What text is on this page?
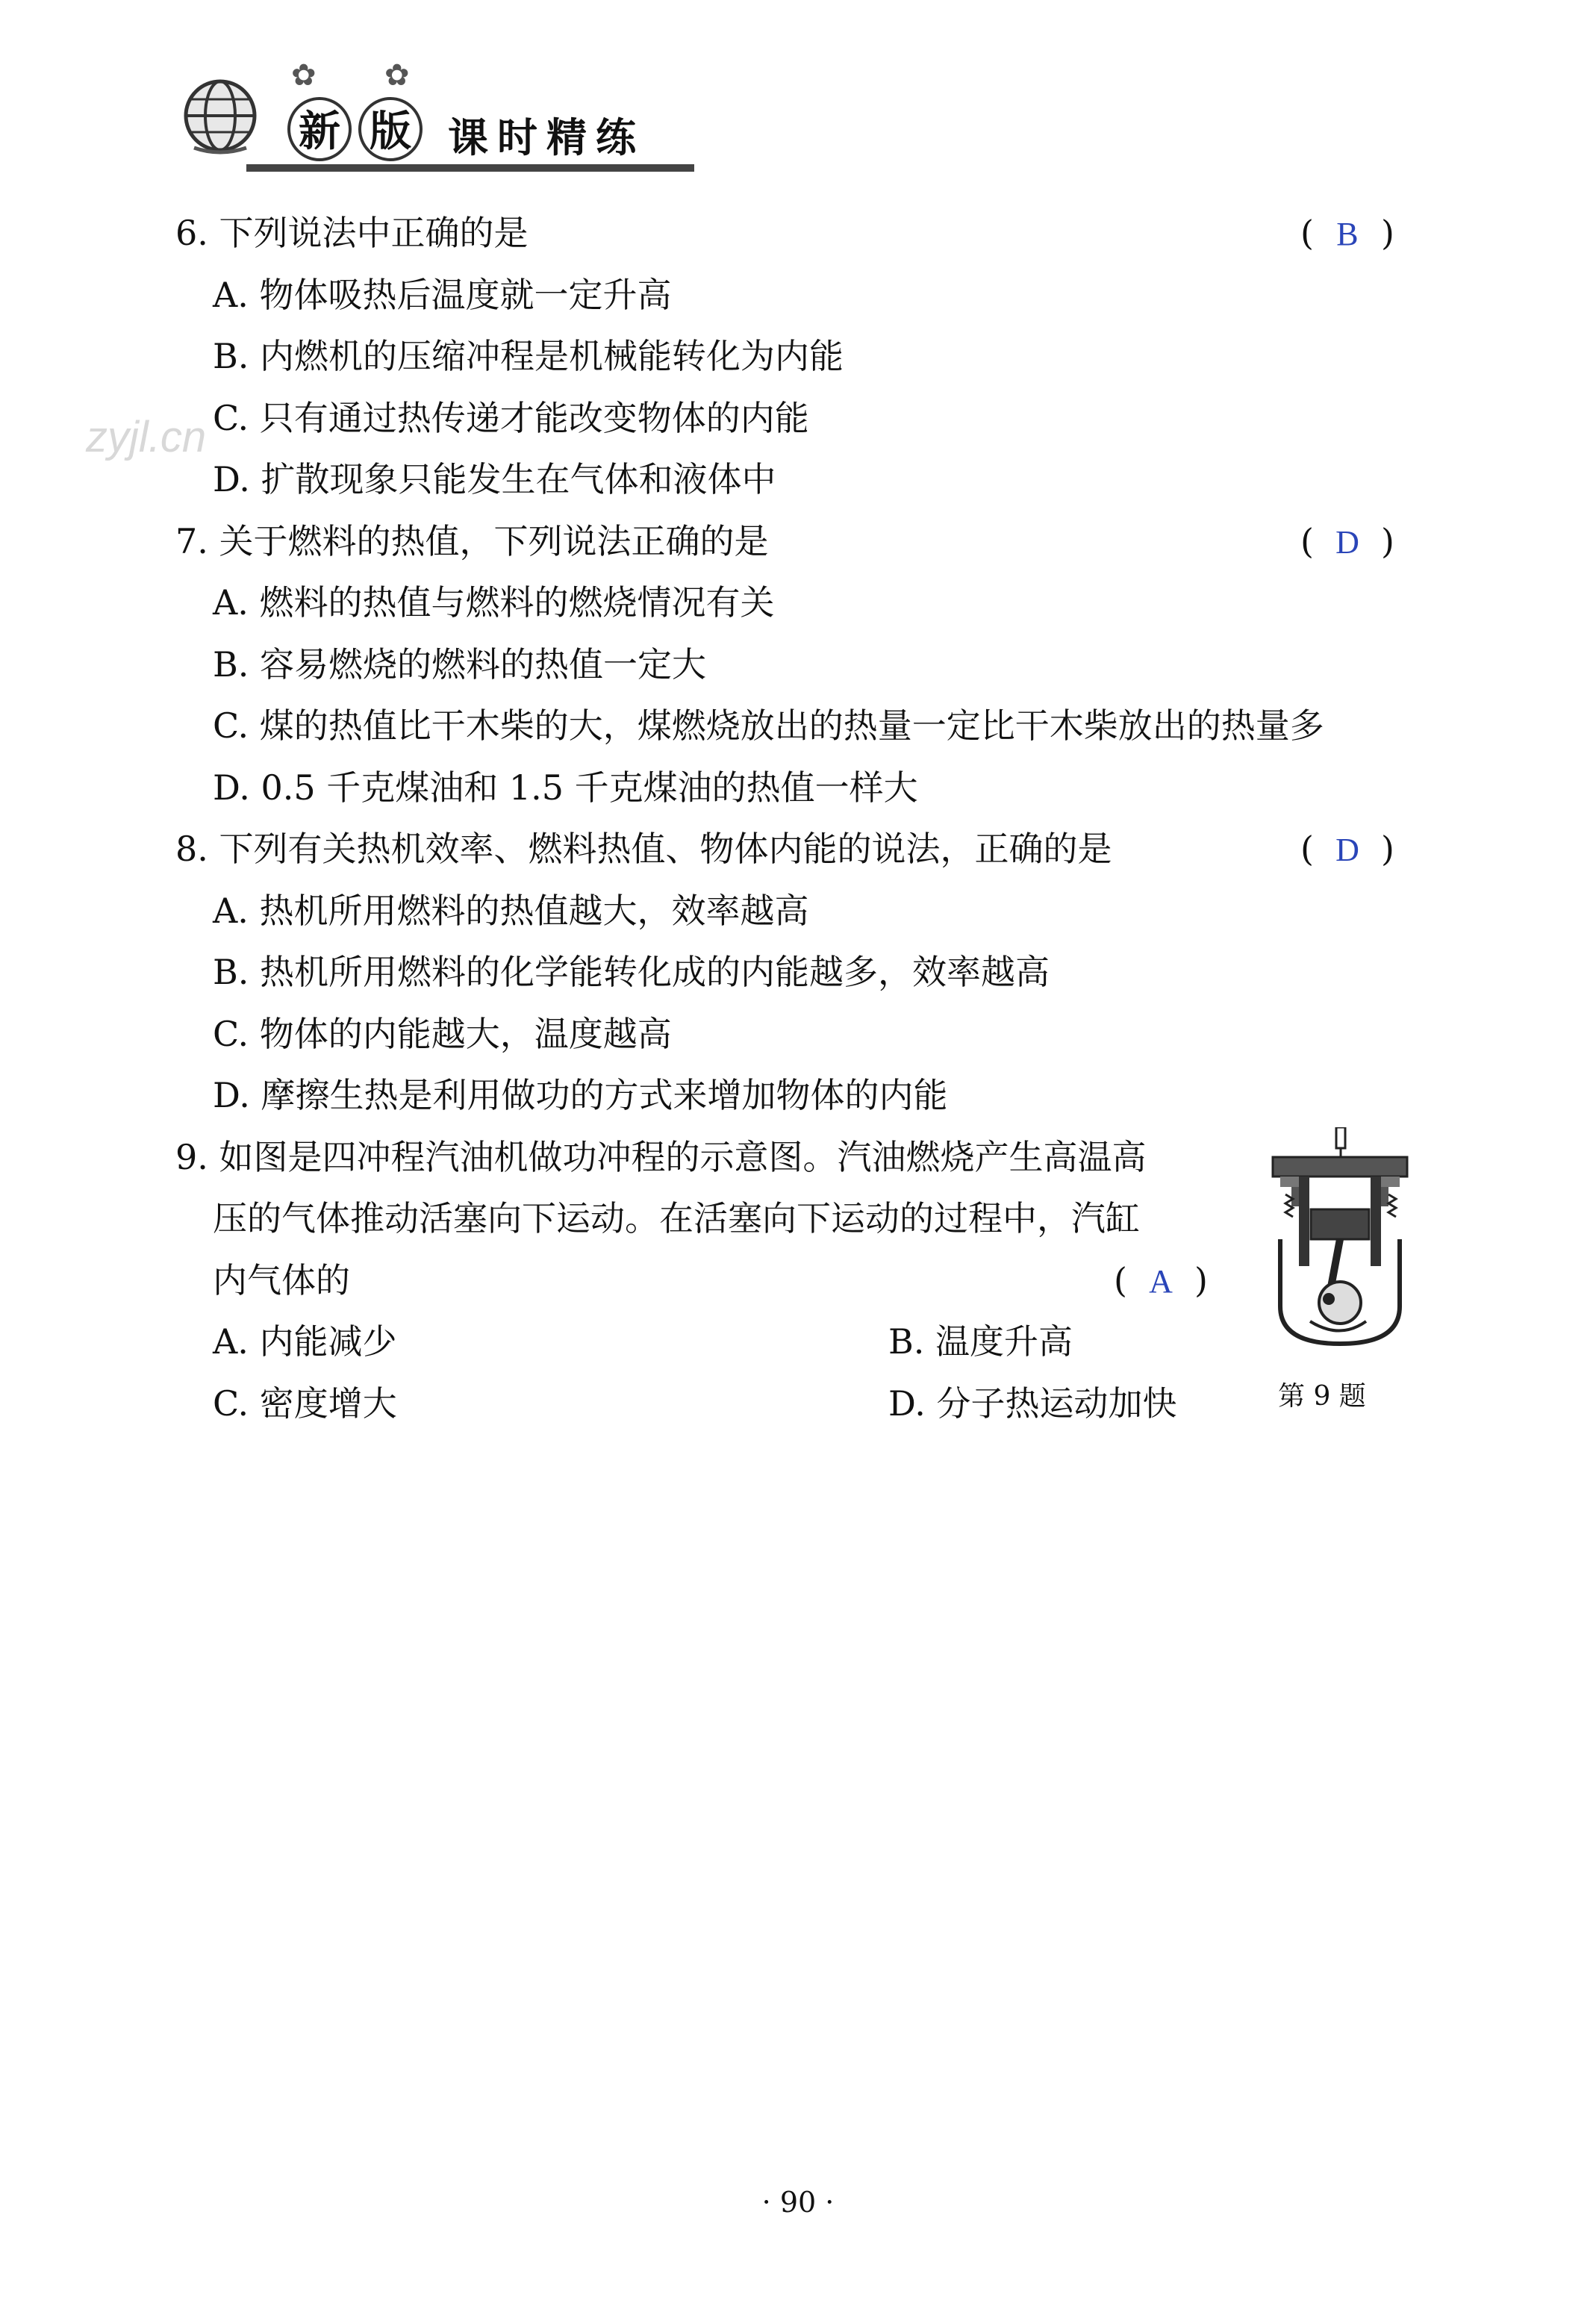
✿ ✿
新 版 课时精练
zyjl.cn
6. 下列说法中正确的是	( B )
A. 物体吸热后温度就一定升高
B. 内燃机的压缩冲程是机械能转化为内能
C. 只有通过热传递才能改变物体的内能
D. 扩散现象只能发生在气体和液体中
7. 关于燃料的热值，下列说法正确的是	( D )
A. 燃料的热值与燃料的燃烧情况有关
B. 容易燃烧的燃料的热值一定大
C. 煤的热值比干木柴的大，煤燃烧放出的热量一定比干木柴放出的热量多
D. 0.5 千克煤油和 1.5 千克煤油的热值一样大
8. 下列有关热机效率、燃料热值、物体内能的说法，正确的是	( D )
A. 热机所用燃料的热值越大，效率越高
B. 热机所用燃料的化学能转化成的内能越多，效率越高
C. 物体的内能越大，温度越高
D. 摩擦生热是利用做功的方式来增加物体的内能
9. 如图是四冲程汽油机做功冲程的示意图。汽油燃烧产生高温高
压的气体推动活塞向下运动。在活塞向下运动的过程中，汽缸
内气体的	( A )
A. 内能减少	B. 温度升高
C. 密度增大	D. 分子热运动加快	第 9 题
· 90 ·
